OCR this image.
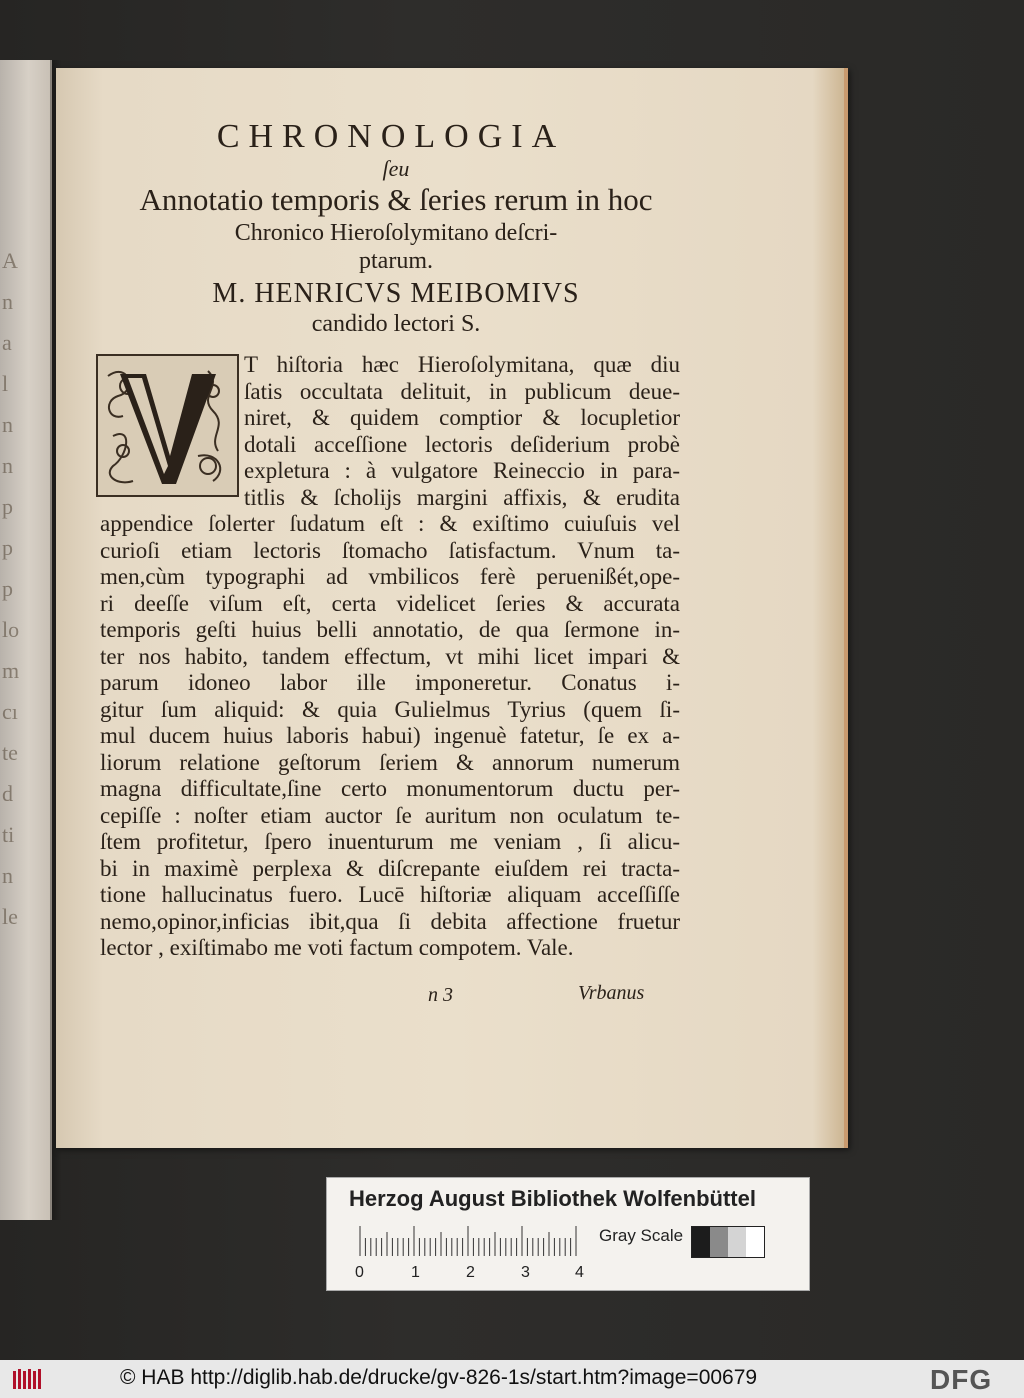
A
n
a
l
n
n
p
p
p
lo
m
cı
te
d
ti
n
le
CHRONOLOGIA
ſeu
Annotatio temporis & ſeries rerum in hoc
Chronico Hieroſolymitano deſcri-
ptarum.
M. HENRICVS MEIBOMIVS
candido lectori S.
T hiſtoria hæc Hieroſolymitana, quæ diu
ſatis occultata delituit, in publicum deue-
niret, & quidem comptior & locupletior
dotali acceſſione lectoris deſiderium probè
expletura : à vulgatore Reineccio in para-
titlis & ſcholijs margini affixis, & erudita
appendice ſolerter ſudatum eſt : & exiſtimo cuiuſuis vel
curioſi etiam lectoris ſtomacho ſatisfactum. Vnum ta-
men,cùm typographi ad vmbilicos ferè peruenißét,ope-
ri deeſſe viſum eſt, certa videlicet ſeries & accurata
temporis geſti huius belli annotatio, de qua ſermone in-
ter nos habito, tandem effectum, vt mihi licet impari &
parum idoneo labor ille imponeretur. Conatus i-
gitur ſum aliquid: & quia Gulielmus Tyrius (quem ſi-
mul ducem huius laboris habui) ingenuè fatetur, ſe ex a-
liorum relatione geſtorum ſeriem & annorum numerum
magna difficultate,ſine certo monumentorum ductu per-
cepiſſe : noſter etiam auctor ſe auritum non oculatum te-
ſtem profitetur, ſpero inuenturum me veniam , ſi alicu-
bi in maximè perplexa & diſcrepante eiuſdem rei tracta-
tione hallucinatus fuero. Lucē hiſtoriæ aliquam acceſſiſſe
nemo,opinor,inficias ibit,qua ſi debita affectione fruetur
lector , exiſtimabo me voti factum compotem. Vale.
n 3	Vrbanus
Herzog August Bibliothek Wolfenbüttel
0	1	2	3	4
Gray Scale
© HAB http://diglib.hab.de/drucke/gv-826-1s/start.htm?image=00679	DFG
